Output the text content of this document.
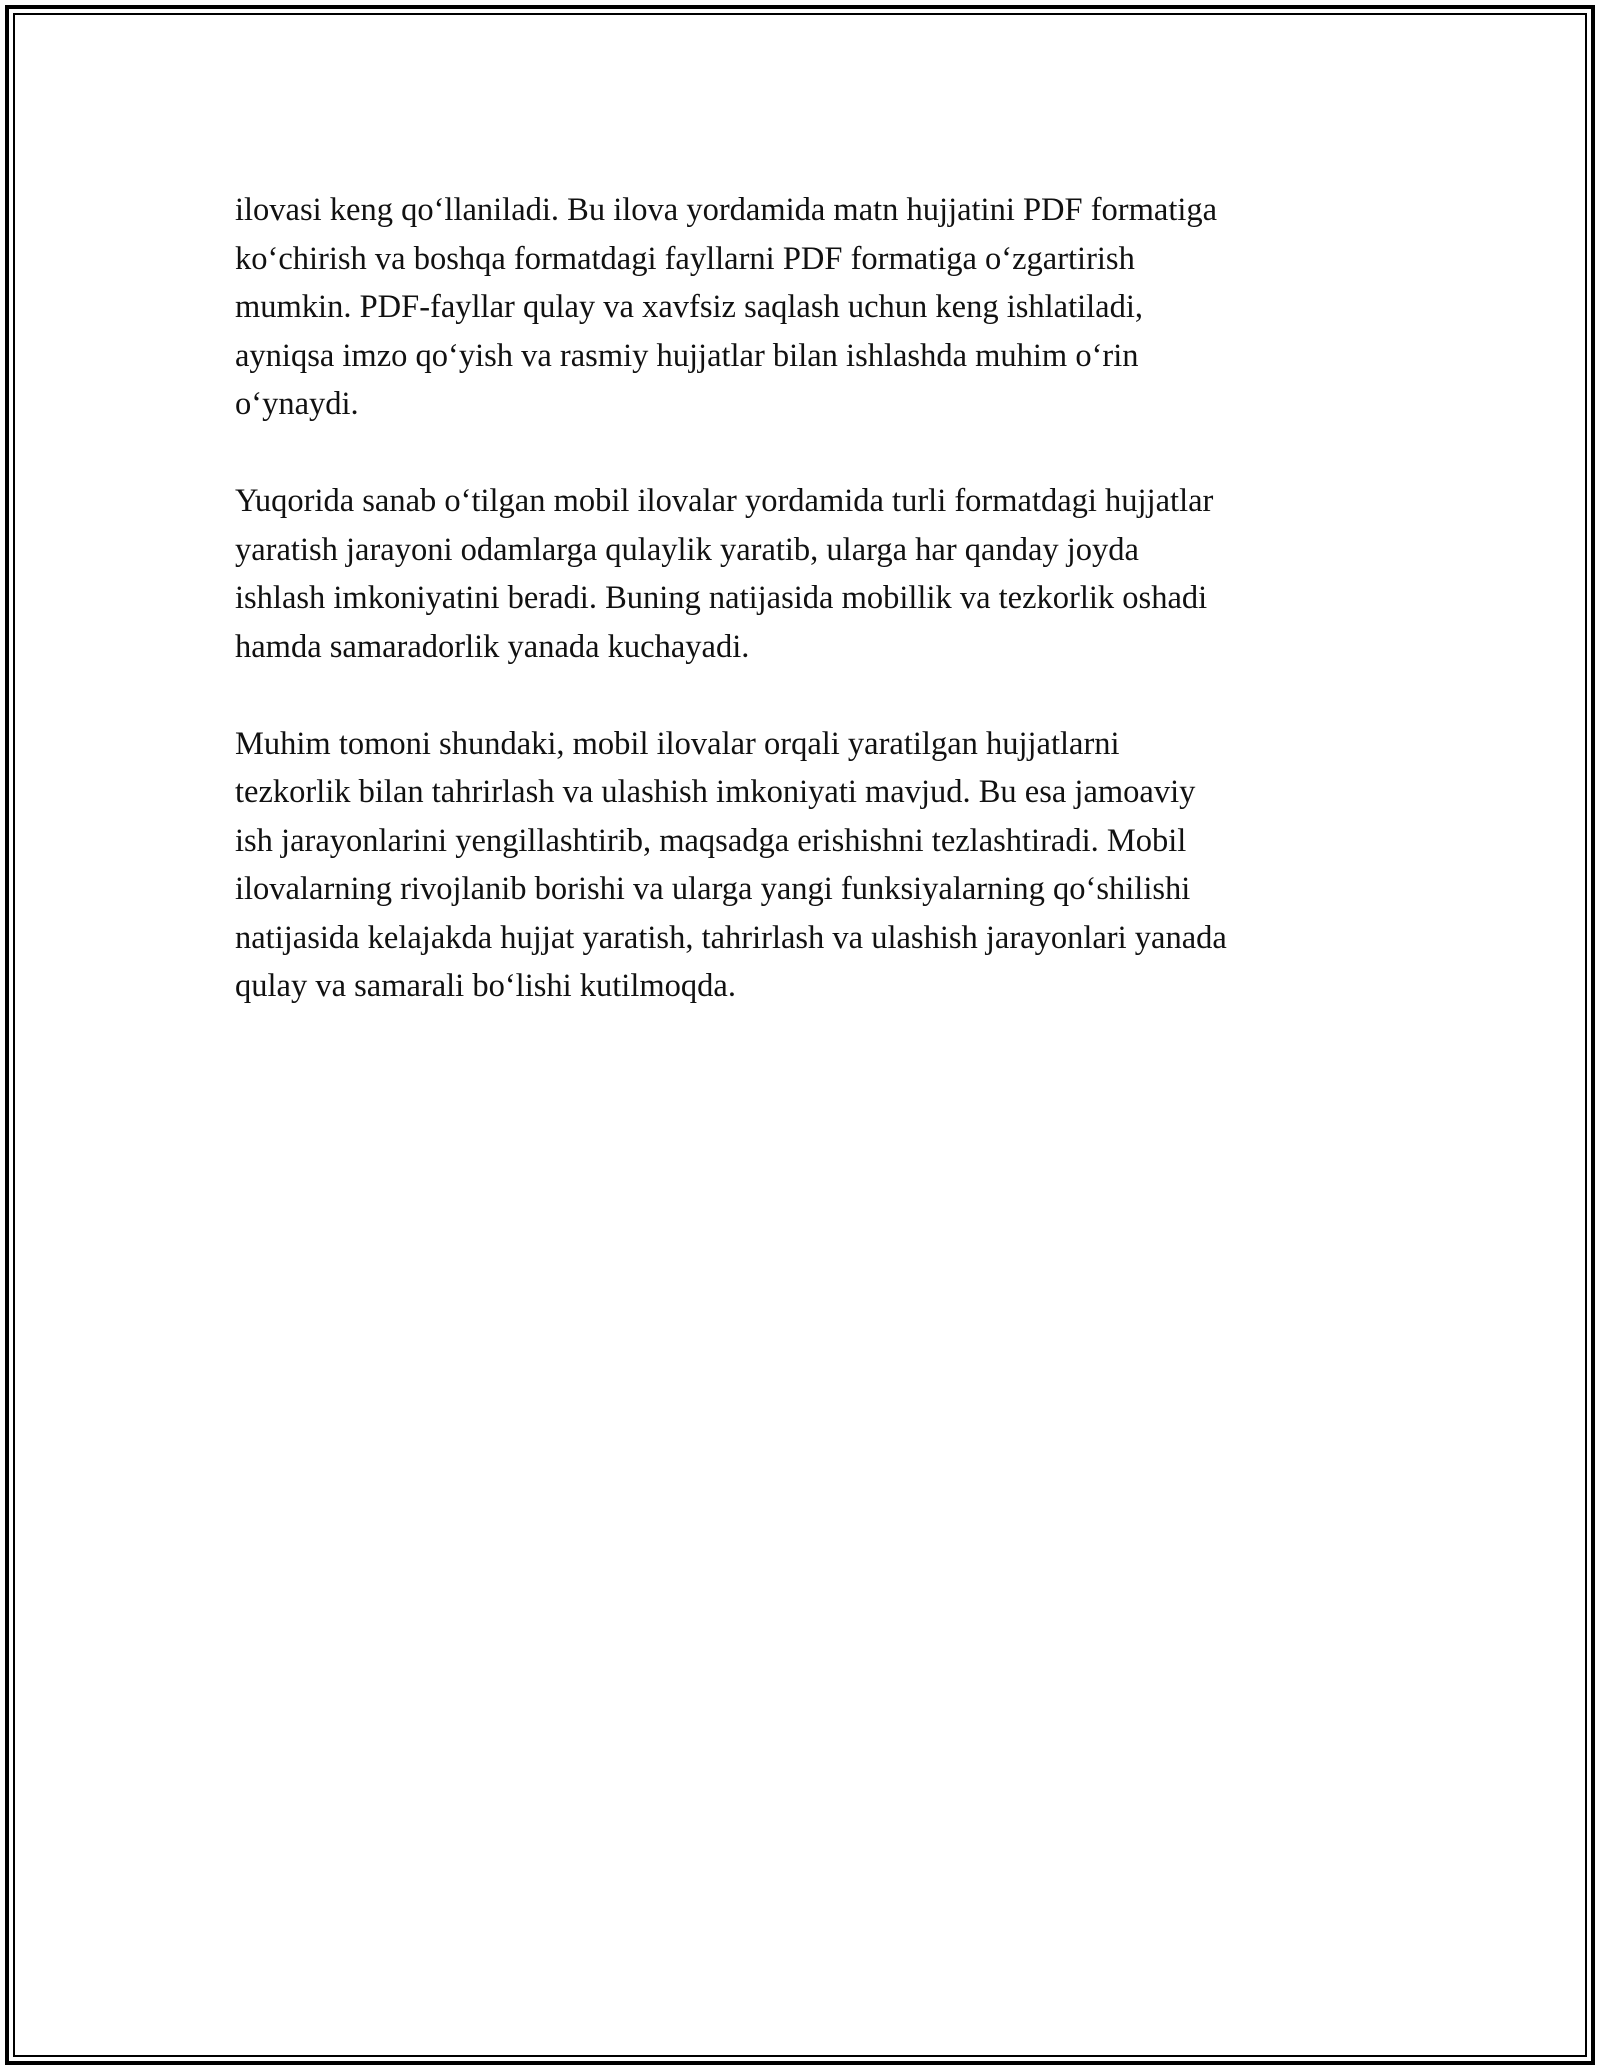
ilovasi keng qo‘llaniladi. Bu ilova yordamida matn hujjatini PDF formatiga
ko‘chirish va boshqa formatdagi fayllarni PDF formatiga o‘zgartirish
mumkin. PDF-fayllar qulay va xavfsiz saqlash uchun keng ishlatiladi,
ayniqsa imzo qo‘yish va rasmiy hujjatlar bilan ishlashda muhim o‘rin
o‘ynaydi.

Yuqorida sanab o‘tilgan mobil ilovalar yordamida turli formatdagi hujjatlar
yaratish jarayoni odamlarga qulaylik yaratib, ularga har qanday joyda
ishlash imkoniyatini beradi. Buning natijasida mobillik va tezkorlik oshadi
hamda samaradorlik yanada kuchayadi.

Muhim tomoni shundaki, mobil ilovalar orqali yaratilgan hujjatlarni
tezkorlik bilan tahrirlash va ulashish imkoniyati mavjud. Bu esa jamoaviy
ish jarayonlarini yengillashtirib, maqsadga erishishni tezlashtiradi. Mobil
ilovalarning rivojlanib borishi va ularga yangi funksiyalarning qo‘shilishi
natijasida kelajakda hujjat yaratish, tahrirlash va ulashish jarayonlari yanada
qulay va samarali bo‘lishi kutilmoqda.
